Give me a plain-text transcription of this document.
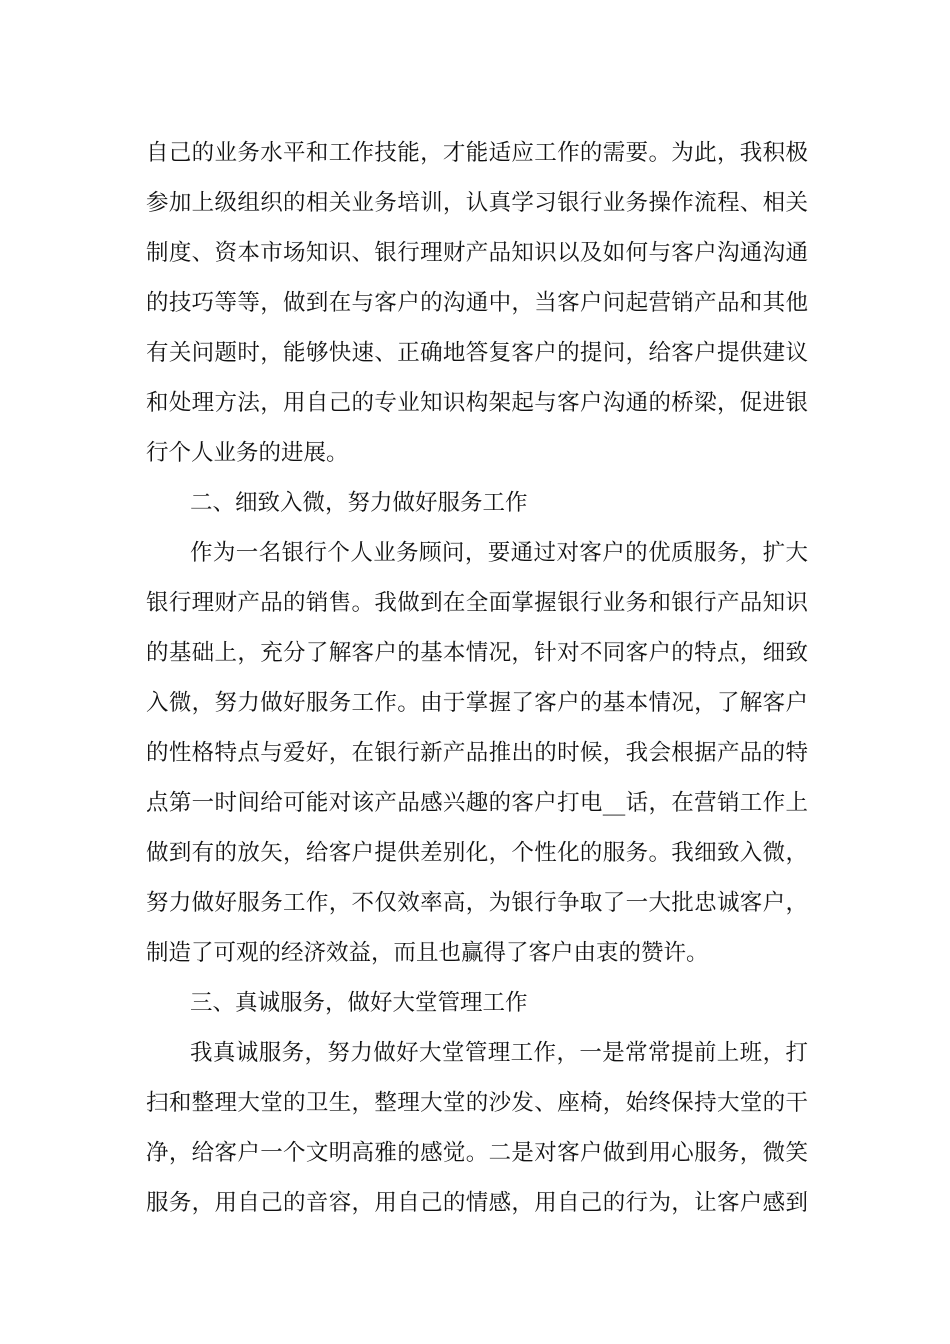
自己的业务水平和工作技能，才能适应工作的需要。为此，我积极
参加上级组织的相关业务培训，认真学习银行业务操作流程、相关
制度、资本市场知识、银行理财产品知识以及如何与客户沟通沟通
的技巧等等，做到在与客户的沟通中，当客户问起营销产品和其他
有关问题时，能够快速、正确地答复客户的提问，给客户提供建议
和处理方法，用自己的专业知识构架起与客户沟通的桥梁，促进银
行个人业务的进展。
二、细致入微，努力做好服务工作
作为一名银行个人业务顾问，要通过对客户的优质服务，扩大
银行理财产品的销售。我做到在全面掌握银行业务和银行产品知识
的基础上，充分了解客户的基本情况，针对不同客户的特点，细致
入微，努力做好服务工作。由于掌握了客户的基本情况，了解客户
的性格特点与爱好，在银行新产品推出的时候，我会根据产品的特
点第一时间给可能对该产品感兴趣的客户打电__话，在营销工作上
做到有的放矢，给客户提供差别化，个性化的服务。我细致入微，
努力做好服务工作，不仅效率高，为银行争取了一大批忠诚客户，
制造了可观的经济效益，而且也赢得了客户由衷的赞许。
三、真诚服务，做好大堂管理工作
我真诚服务，努力做好大堂管理工作，一是常常提前上班，打
扫和整理大堂的卫生，整理大堂的沙发、座椅，始终保持大堂的干
净，给客户一个文明高雅的感觉。二是对客户做到用心服务，微笑
服务，用自己的音容，用自己的情感，用自己的行为，让客户感到
